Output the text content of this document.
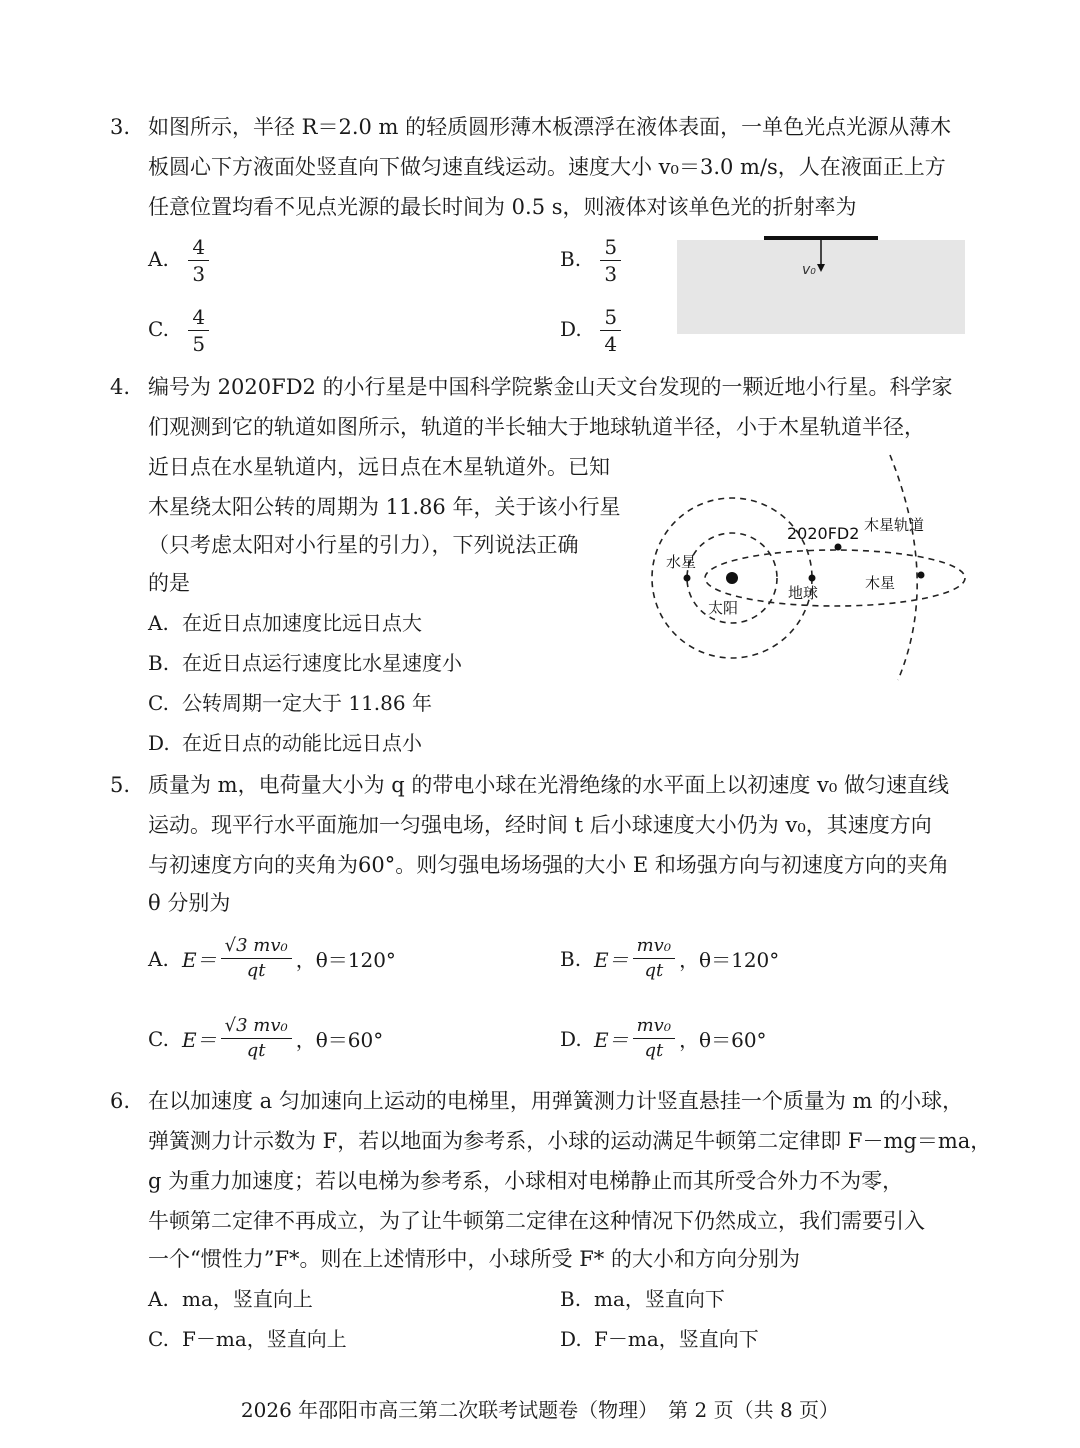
3. 如图所示，半径 R＝2.0 m 的轻质圆形薄木板漂浮在液体表面，一单色光点光源从薄木
板圆心下方液面处竖直向下做匀速直线运动。速度大小 v₀＝3.0 m/s，人在液面正上方
任意位置均看不见点光源的最长时间为 0.5 s，则液体对该单色光的折射率为
A. $\frac{4}{3}$	B. $\frac{5}{3}$
C. $\frac{4}{5}$	D. $\frac{5}{4}$
v₀
4. 编号为 2020FD2 的小行星是中国科学院紫金山天文台发现的一颗近地小行星。科学家
们观测到它的轨道如图所示，轨道的半长轴大于地球轨道半径，小于木星轨道半径，
近日点在水星轨道内，远日点在木星轨道外。已知
木星绕太阳公转的周期为 11.86 年，关于该小行星
（只考虑太阳对小行星的引力），下列说法正确
的是
A. 在近日点加速度比远日点大
B. 在近日点运行速度比水星速度小
C. 公转周期一定大于 11.86 年
D. 在近日点的动能比远日点小
2020FD2 木星轨道
水星
太阳
地球
木星
5. 质量为 m，电荷量大小为 q 的带电小球在光滑绝缘的水平面上以初速度 v₀ 做匀速直线
运动。现平行水平面施加一匀强电场，经时间 t 后小球速度大小仍为 v₀，其速度方向
与初速度方向的夹角为60°。则匀强电场场强的大小 E 和场强方向与初速度方向的夹角
θ 分别为
A. $E= \frac{\text{√3 mv₀}}{qt}$ ，θ＝120°	B. $E= \frac{\text{mv₀}}{qt}$ ，θ＝120°
C. $E= \frac{\text{√3 mv₀}}{qt}$ ，θ＝60°	D. $E= \frac{\text{mv₀}}{qt}$ ，θ＝60°
6. 在以加速度 a 匀加速向上运动的电梯里，用弹簧测力计竖直悬挂一个质量为 m 的小球，
弹簧测力计示数为 F，若以地面为参考系，小球的运动满足牛顿第二定律即 F－mg＝ma，
g 为重力加速度；若以电梯为参考系，小球相对电梯静止而其所受合外力不为零，
牛顿第二定律不再成立，为了让牛顿第二定律在这种情况下仍然成立，我们需要引入
一个“惯性力”F*。则在上述情形中，小球所受 F* 的大小和方向分别为
A. ma，竖直向上	B. ma，竖直向下
C. F－ma，竖直向上	D. F－ma，竖直向下
2026 年邵阳市高三第二次联考试题卷（物理）　第 2 页（共 8 页）
